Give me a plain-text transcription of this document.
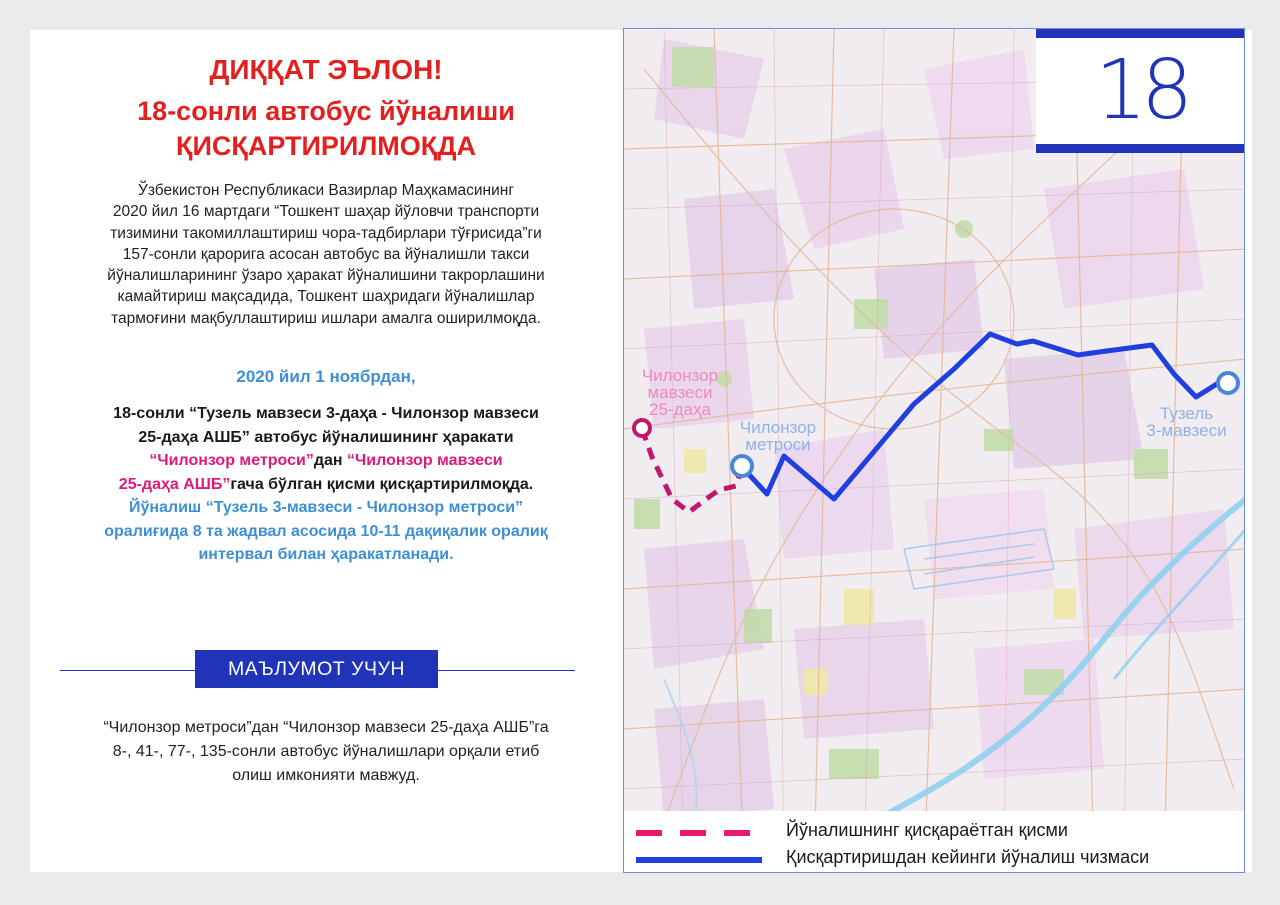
ДИҚҚАТ ЭЪЛОН!
18-сонли автобус йўналиши
ҚИСҚАРТИРИЛМОҚДА
Ўзбекистон Республикаси Вазирлар Маҳкамасининг
2020 йил 16 мартдаги “Тошкент шаҳар йўловчи транспорти
тизимини такомиллаштириш чора-тадбирлари тўғрисида”ги
157-сонли қарорига асосан автобус ва йўналишли такси
йўналишларининг ўзаро ҳаракат йўналишини такрорлашини
камайтириш мақсадида, Тошкент шаҳридаги йўналишлар
тармоғини мақбуллаштириш ишлари амалга оширилмоқда.
2020 йил 1 ноябрдан,
18-сонли “Тузель мавзеси 3-даҳа - Чилонзор мавзеси
25-даҳа АШБ” автобус йўналишининг ҳаракати
“Чилонзор метроси”дан “Чилонзор мавзеси
25-даҳа АШБ”гача бўлган қисми қисқартирилмоқда.
Йўналиш “Тузель 3-мавзеси - Чилонзор метроси”
оралиғида 8 та жадвал асосида 10-11 дақиқалик оралиқ
интервал билан ҳаракатланади.
МАЪЛУМОТ УЧУН
“Чилонзор метроси”дан “Чилонзор мавзеси 25-даҳа АШБ”га
8-, 41-, 77-, 135-сонли автобус йўналишлари орқали етиб
олиш имконияти мавжуд.
Чилонзор
мавзеси
25-даҳа
Чилонзор
метроси
Тузель
3-мавзеси
18
Йўналишнинг қисқараётган қисми
Қисқартиришдан кейинги йўналиш чизмаси
